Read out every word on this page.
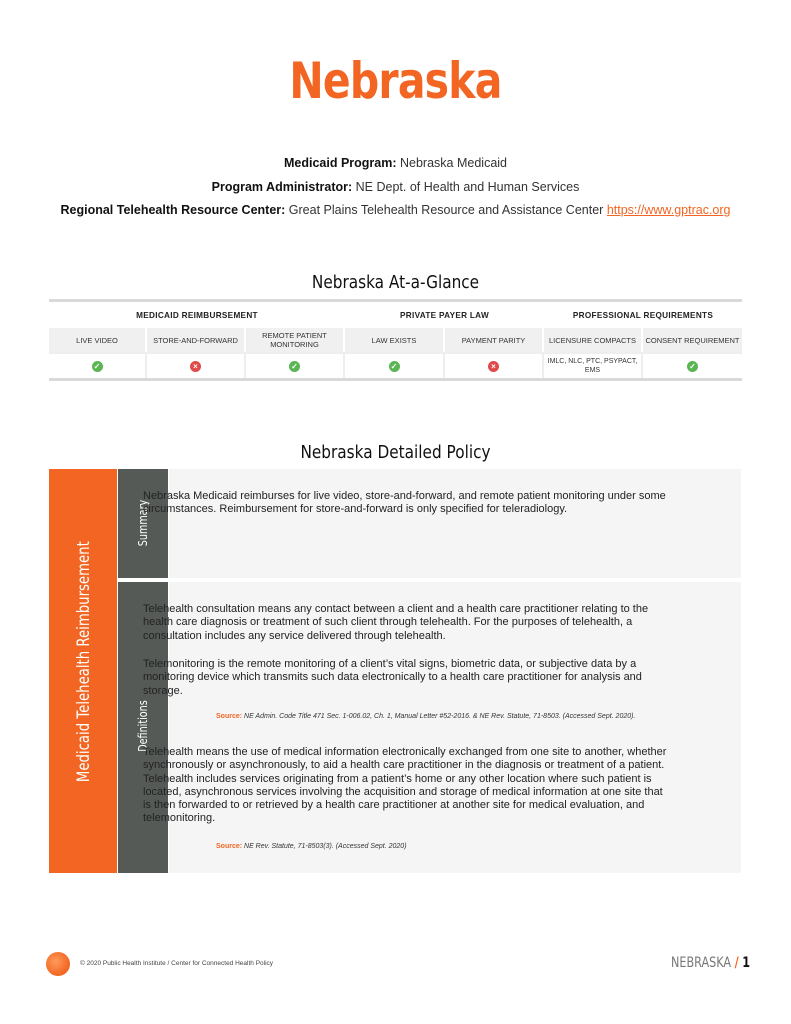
Nebraska
Medicaid Program: Nebraska Medicaid
Program Administrator: NE Dept. of Health and Human Services
Regional Telehealth Resource Center: Great Plains Telehealth Resource and Assistance Center https://www.gptrac.org
Nebraska At-a-Glance
MEDICAID REIMBURSEMENT	PRIVATE PAYER LAW	PROFESSIONAL REQUIREMENTS
LIVE VIDEO	STORE-AND-FORWARD	REMOTE PATIENT MONITORING	LAW EXISTS	PAYMENT PARITY	LICENSURE COMPACTS	CONSENT REQUIREMENT
✓	×	✓	✓	×	IMLC, NLC, PTC, PSYPACT, EMS	✓
Nebraska Detailed Policy
Medicaid Telehealth Reimbursement
Summary
Definitions
Nebraska Medicaid reimburses for live video, store-and-forward, and remote patient monitoring under some circumstances. Reimbursement for store-and-forward is only specified for teleradiology.
Telehealth consultation means any contact between a client and a health care practitioner relating to the health care diagnosis or treatment of such client through telehealth. For the purposes of telehealth, a consultation includes any service delivered through telehealth.
Telemonitoring is the remote monitoring of a client’s vital signs, biometric data, or subjective data by a monitoring device which transmits such data electronically to a health care practitioner for analysis and storage.
Source: NE Admin. Code Title 471 Sec. 1-006.02, Ch. 1, Manual Letter #52-2016. & NE Rev. Statute, 71-8503. (Accessed Sept. 2020).
Telehealth means the use of medical information electronically exchanged from one site to another, whether synchronously or asynchronously, to aid a health care practitioner in the diagnosis or treatment of a patient. Telehealth includes services originating from a patient’s home or any other location where such patient is located, asynchronous services involving the acquisition and storage of medical information at one site that is then forwarded to or retrieved by a health care practitioner at another site for medical evaluation, and telemonitoring.
Source: NE Rev. Statute, 71-8503(3). (Accessed Sept. 2020)
© 2020 Public Health Institute / Center for Connected Health Policy	NEBRASKA / 1
